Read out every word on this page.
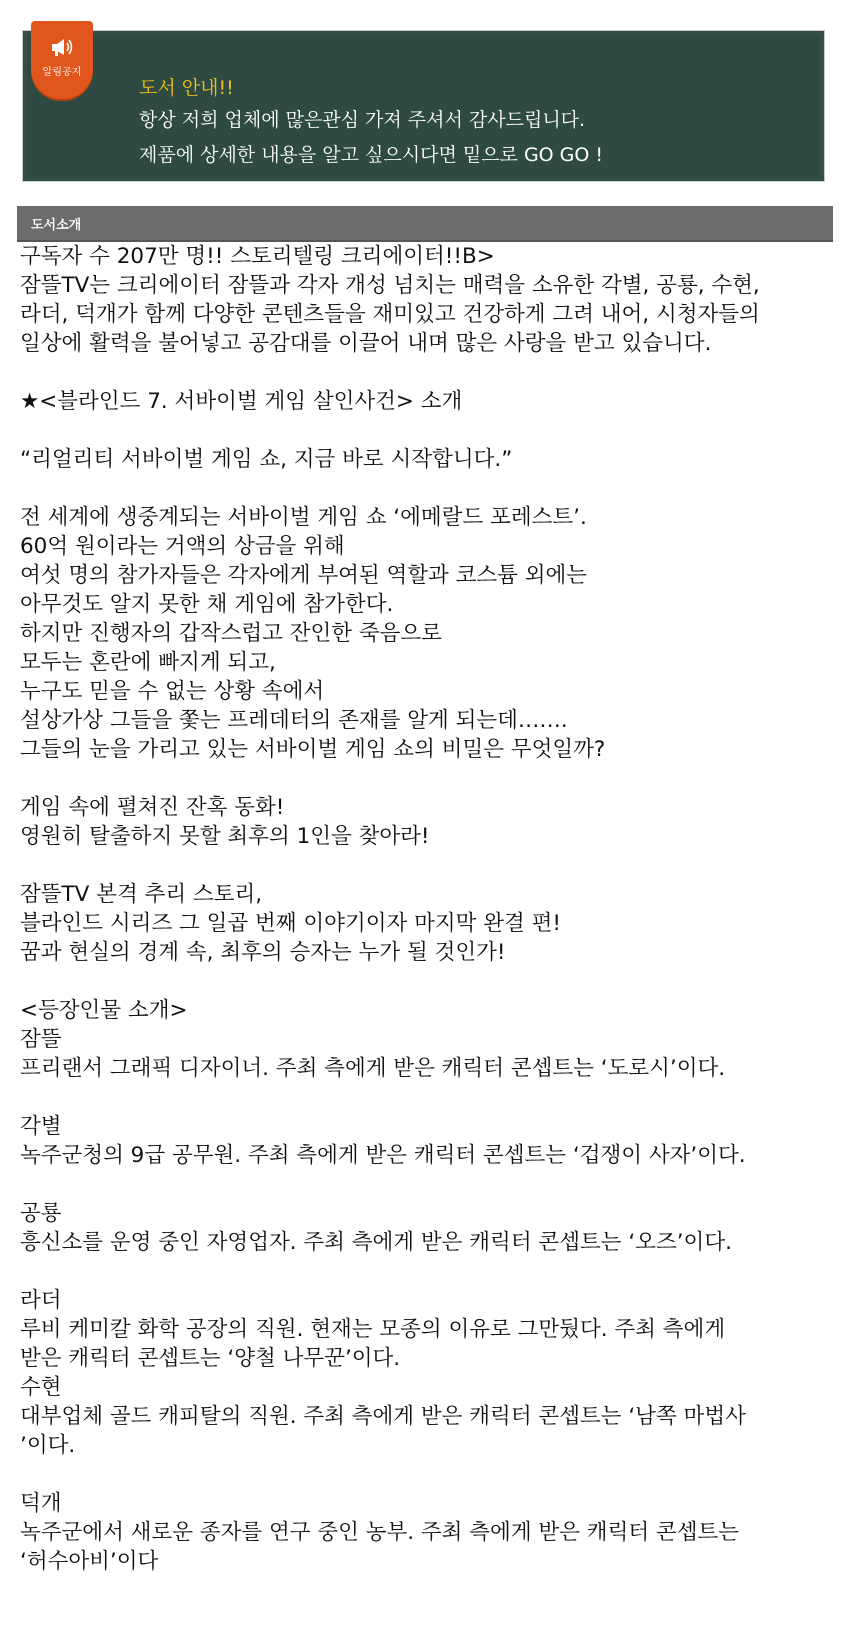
알림공지
도서 안내!!
항상 저희 업체에 많은관심 가져 주셔서 감사드립니다.
제품에 상세한 내용을 알고 싶으시다면 밑으로 GO GO !
도서소개
구독자 수 207만 명!! 스토리텔링 크리에이터!!B>
잠뜰TV는 크리에이터 잠뜰과 각자 개성 넘치는 매력을 소유한 각별, 공룡, 수현,
라더, 덕개가 함께 다양한 콘텐츠들을 재미있고 건강하게 그려 내어, 시청자들의
일상에 활력을 불어넣고 공감대를 이끌어 내며 많은 사랑을 받고 있습니다.
★<블라인드 7. 서바이벌 게임 살인사건> 소개
“리얼리티 서바이벌 게임 쇼, 지금 바로 시작합니다.”
전 세계에 생중계되는 서바이벌 게임 쇼 ‘에메랄드 포레스트’.
60억 원이라는 거액의 상금을 위해
여섯 명의 참가자들은 각자에게 부여된 역할과 코스튬 외에는
아무것도 알지 못한 채 게임에 참가한다.
하지만 진행자의 갑작스럽고 잔인한 죽음으로
모두는 혼란에 빠지게 되고,
누구도 믿을 수 없는 상황 속에서
설상가상 그들을 쫓는 프레데터의 존재를 알게 되는데…….
그들의 눈을 가리고 있는 서바이벌 게임 쇼의 비밀은 무엇일까?
게임 속에 펼쳐진 잔혹 동화!
영원히 탈출하지 못할 최후의 1인을 찾아라!
잠뜰TV 본격 추리 스토리,
블라인드 시리즈 그 일곱 번째 이야기이자 마지막 완결 편!
꿈과 현실의 경계 속, 최후의 승자는 누가 될 것인가!
<등장인물 소개>
잠뜰
프리랜서 그래픽 디자이너. 주최 측에게 받은 캐릭터 콘셉트는 ‘도로시’이다.
각별
녹주군청의 9급 공무원. 주최 측에게 받은 캐릭터 콘셉트는 ‘겁쟁이 사자’이다.
공룡
흥신소를 운영 중인 자영업자. 주최 측에게 받은 캐릭터 콘셉트는 ‘오즈’이다.
라더
루비 케미칼 화학 공장의 직원. 현재는 모종의 이유로 그만뒀다. 주최 측에게
받은 캐릭터 콘셉트는 ‘양철 나무꾼’이다.
수현
대부업체 골드 캐피탈의 직원. 주최 측에게 받은 캐릭터 콘셉트는 ‘남쪽 마법사
’이다.
덕개
녹주군에서 새로운 종자를 연구 중인 농부. 주최 측에게 받은 캐릭터 콘셉트는
‘허수아비’이다
